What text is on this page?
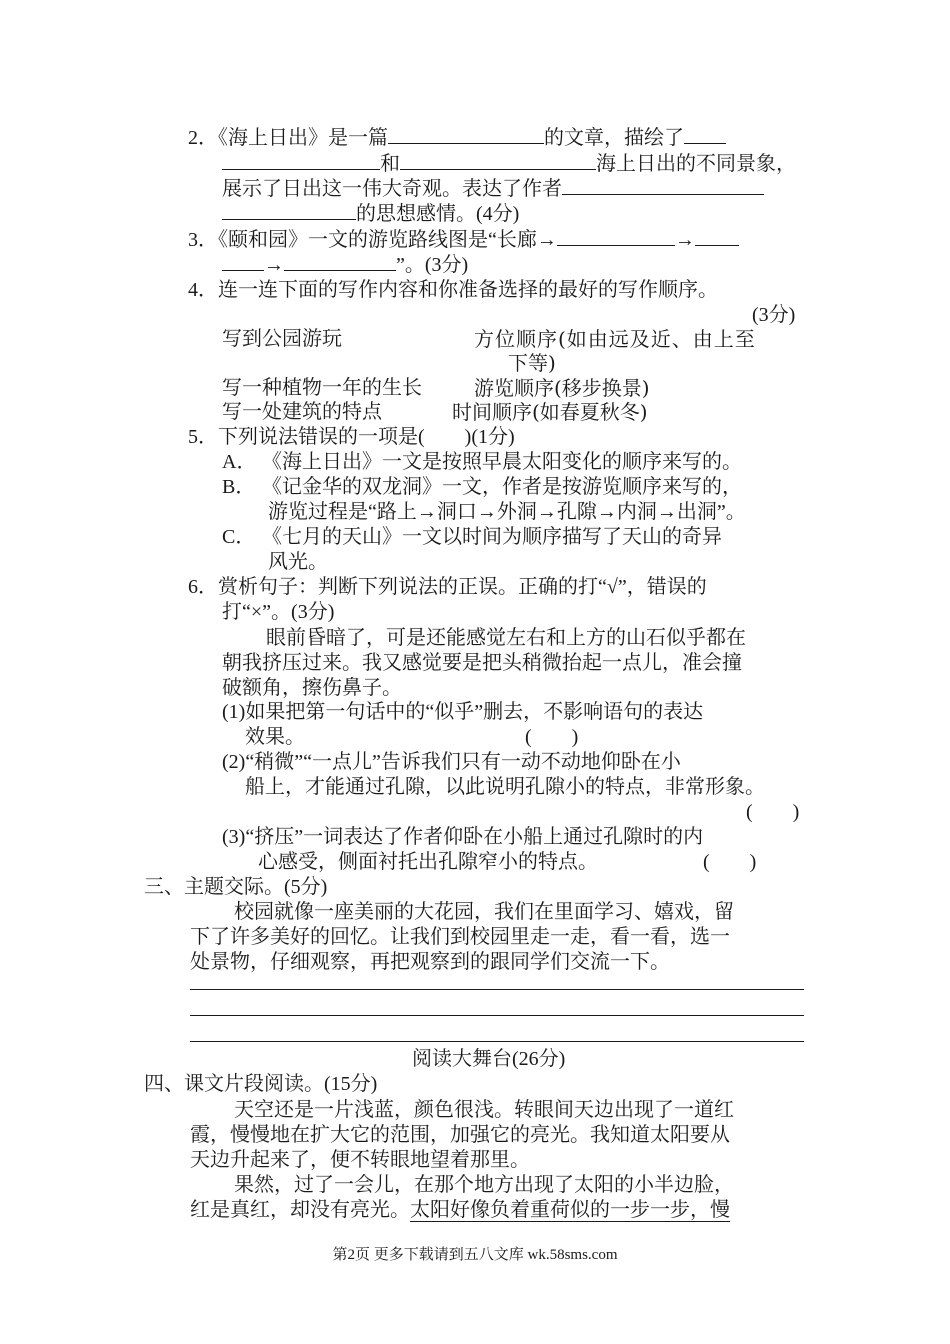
2．《海上日出》是一篇	的文章，描绘了
和	海上日出的不同景象，
展示了日出这一伟大奇观。表达了作者
的思想感情。(4分)
3．《颐和园》一文的游览路线图是“长廊→	→
→	”。(3分)
4．连一连下面的写作内容和你准备选择的最好的写作顺序。
(3分)
写到公园游玩	方位顺序(如由远及近、由上至
下等)
写一种植物一年的生长	游览顺序(移步换景)
写一处建筑的特点	时间顺序(如春夏秋冬)
5．下列说法错误的一项是(　　)(1分)
A． 《海上日出》一文是按照早晨太阳变化的顺序来写的。
B． 《记金华的双龙洞》一文，作者是按游览顺序来写的，
游览过程是“路上→洞口→外洞→孔隙→内洞→出洞”。
C． 《七月的天山》一文以时间为顺序描写了天山的奇异
风光。
6．赏析句子：判断下列说法的正误。正确的打“√”，错误的
打“×”。(3分)
眼前昏暗了，可是还能感觉左右和上方的山石似乎都在
朝我挤压过来。我又感觉要是把头稍微抬起一点儿，准会撞
破额角，擦伤鼻子。
(1)如果把第一句话中的“似乎”删去，不影响语句的表达
效果。	(　　)
(2)“稍微”“一点儿”告诉我们只有一动不动地仰卧在小
船上，才能通过孔隙，以此说明孔隙小的特点，非常形象。
(　　)
(3)“挤压”一词表达了作者仰卧在小船上通过孔隙时的内
心感受，侧面衬托出孔隙窄小的特点。	(　　)
三、主题交际。(5分)
校园就像一座美丽的大花园，我们在里面学习、嬉戏，留
下了许多美好的回忆。让我们到校园里走一走，看一看，选一
处景物，仔细观察，再把观察到的跟同学们交流一下。
阅读大舞台(26分)
四、课文片段阅读。(15分)
天空还是一片浅蓝，颜色很浅。转眼间天边出现了一道红
霞，慢慢地在扩大它的范围，加强它的亮光。我知道太阳要从
天边升起来了，便不转眼地望着那里。
果然，过了一会儿，在那个地方出现了太阳的小半边脸，
红是真红，却没有亮光。太阳好像负着重荷似的一步一步，慢
第2页 更多下载请到五八文库 wk.58sms.com
